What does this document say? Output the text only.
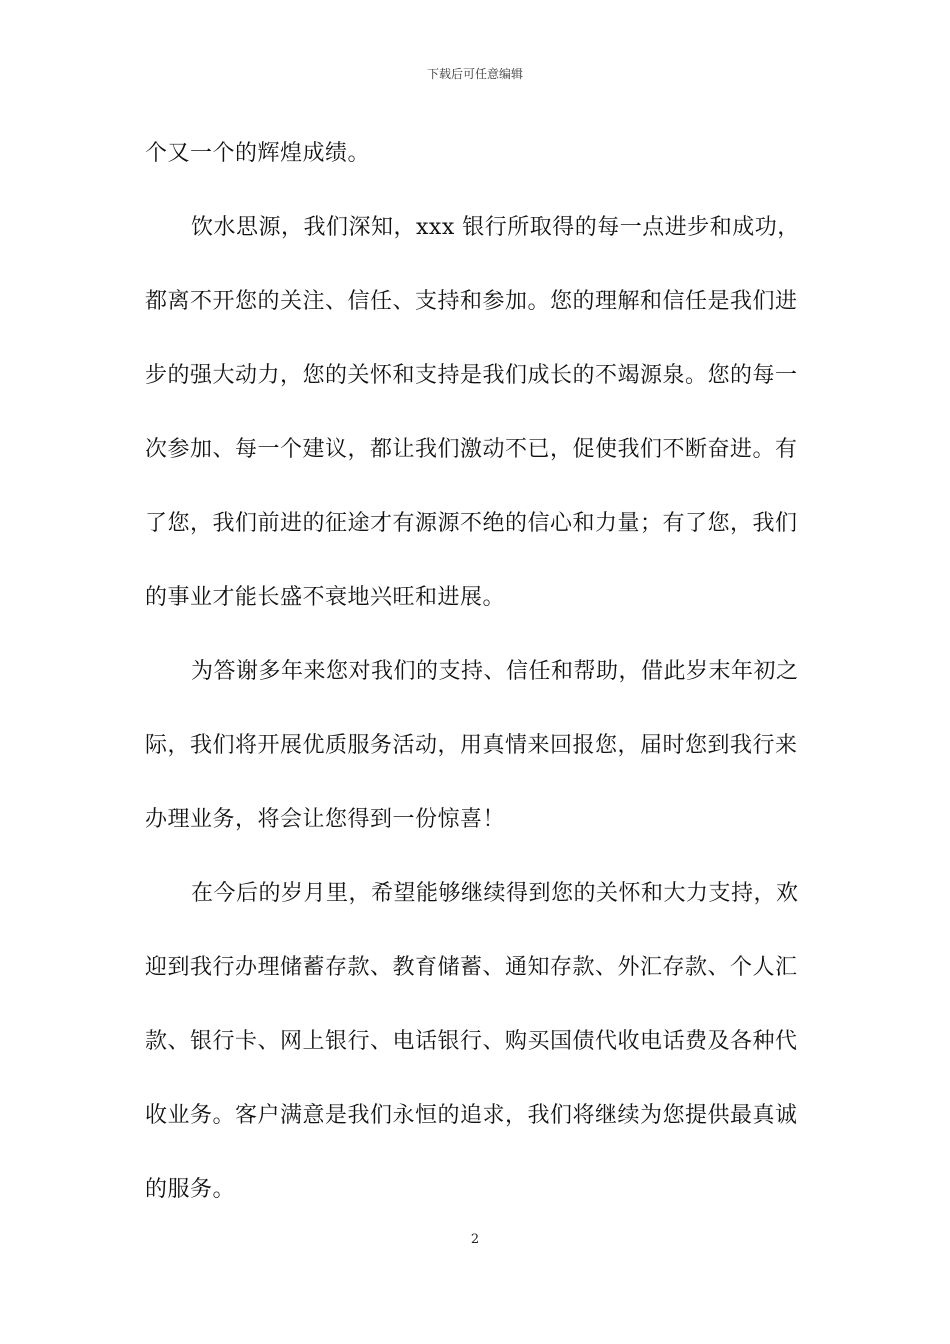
下载后可任意编辑
个又一个的辉煌成绩。
饮水思源，我们深知，xxx 银行所取得的每一点进步和成功，
都离不开您的关注、信任、支持和参加。您的理解和信任是我们进
步的强大动力，您的关怀和支持是我们成长的不竭源泉。您的每一
次参加、每一个建议，都让我们激动不已，促使我们不断奋进。有
了您，我们前进的征途才有源源不绝的信心和力量；有了您，我们
的事业才能长盛不衰地兴旺和进展。
为答谢多年来您对我们的支持、信任和帮助，借此岁末年初之
际，我们将开展优质服务活动，用真情来回报您，届时您到我行来
办理业务，将会让您得到一份惊喜！
在今后的岁月里，希望能够继续得到您的关怀和大力支持，欢
迎到我行办理储蓄存款、教育储蓄、通知存款、外汇存款、个人汇
款、银行卡、网上银行、电话银行、购买国债代收电话费及各种代
收业务。客户满意是我们永恒的追求，我们将继续为您提供最真诚
的服务。
2
